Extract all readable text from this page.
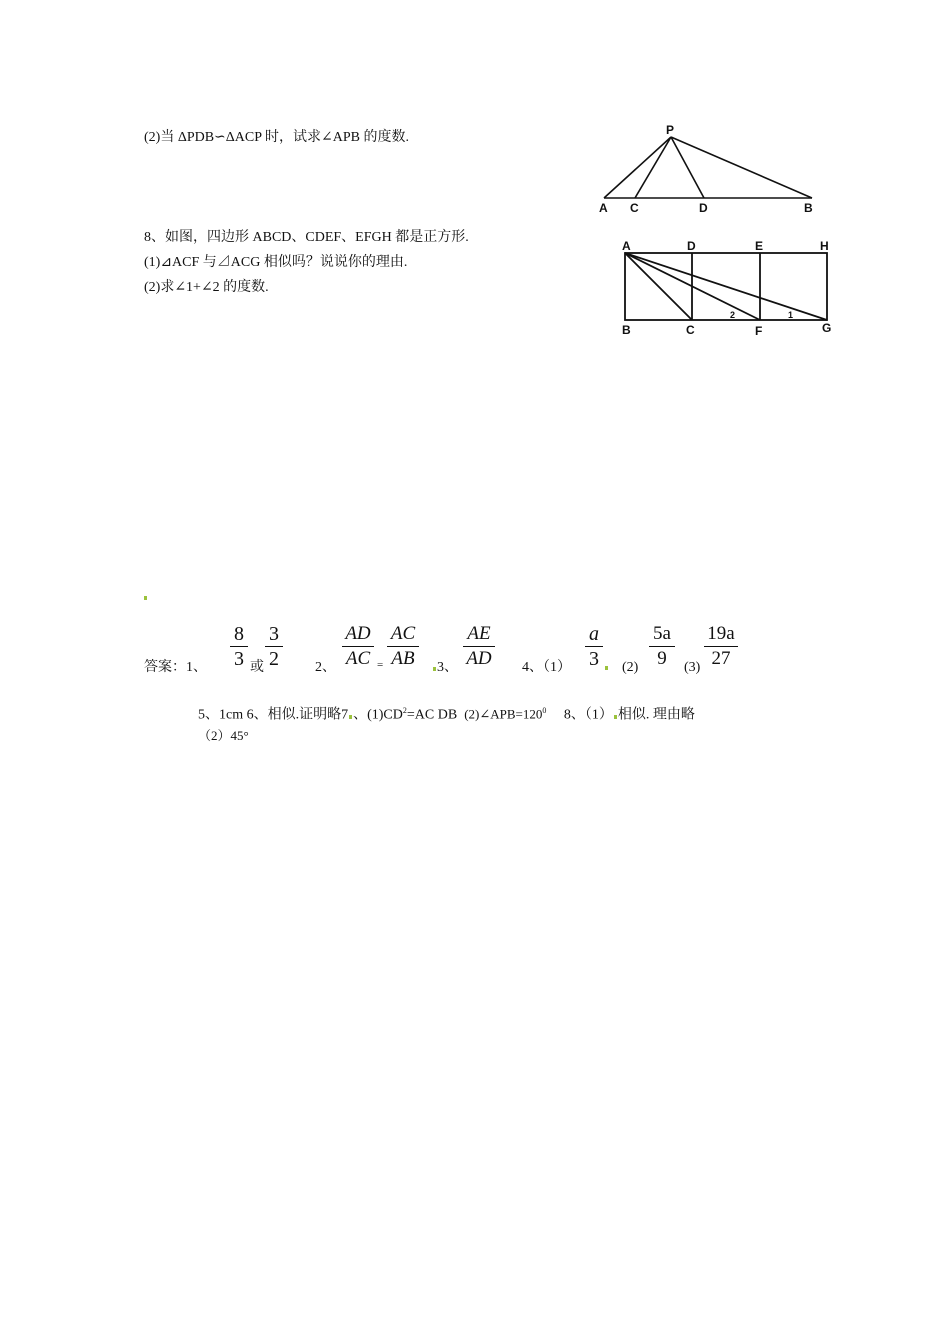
(2)当 ΔPDB∽ΔACP 时，试求∠APB 的度数.	P
A C	D	B
8、如图，四边形 ABCD、CDEF、EFGH 都是正方形.
(1)⊿ACF 与⊿ACG 相似吗？说说你的理由.
(2)求∠1+∠2 的度数.
A	D	E	H
B	C	F	G
2	1
答案：1、
8
3 或
3
2	2、
AD
AC =
AC
AB	3、
AE
AD	4、（1）
a
3	(2)
5a
9	(3)
19a
27
5、1cm 6、相似.证明略7 、$(1)CD^2=AC$ DB $(2)\angle APB=120^0$ 8、（1） 相似. 理由略
（2）45°
